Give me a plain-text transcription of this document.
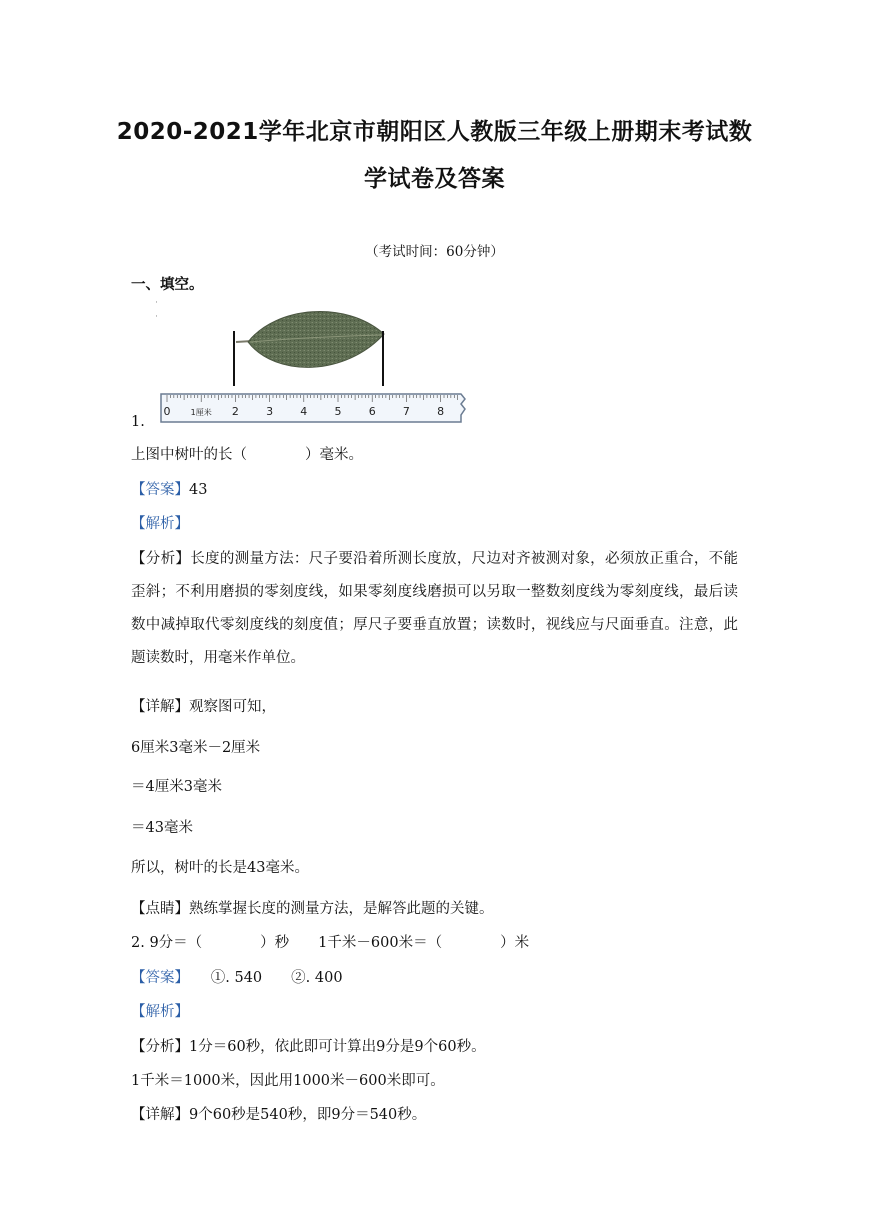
2020-2021学年北京市朝阳区人教版三年级上册期末考试数
学试卷及答案
（考试时间：60分钟）
一、填空。
0	1厘米 2 3 4 5 6 7 8
1.
上图中树叶的长（　　　　）毫米。
【答案】43
【解析】
【分析】长度的测量方法：尺子要沿着所测长度放，尺边对齐被测对象，必须放正重合，不能歪斜；不利用磨损的零刻度线，如果零刻度线磨损可以另取一整数刻度线为零刻度线，最后读数中减掉取代零刻度线的刻度值；厚尺子要垂直放置；读数时，视线应与尺面垂直。注意，此题读数时，用毫米作单位。
【详解】观察图可知，
6厘米3毫米－2厘米
＝4厘米3毫米
＝43毫米
所以，树叶的长是43毫米。
【点睛】熟练掌握长度的测量方法，是解答此题的关键。
2. 9分＝（　　　　）秒　　1千米－600米＝（　　　　）米
【答案】　　①. 540　　②. 400
【解析】
【分析】1分＝60秒，依此即可计算出9分是9个60秒。
1千米＝1000米，因此用1000米－600米即可。
【详解】9个60秒是540秒，即9分＝540秒。
